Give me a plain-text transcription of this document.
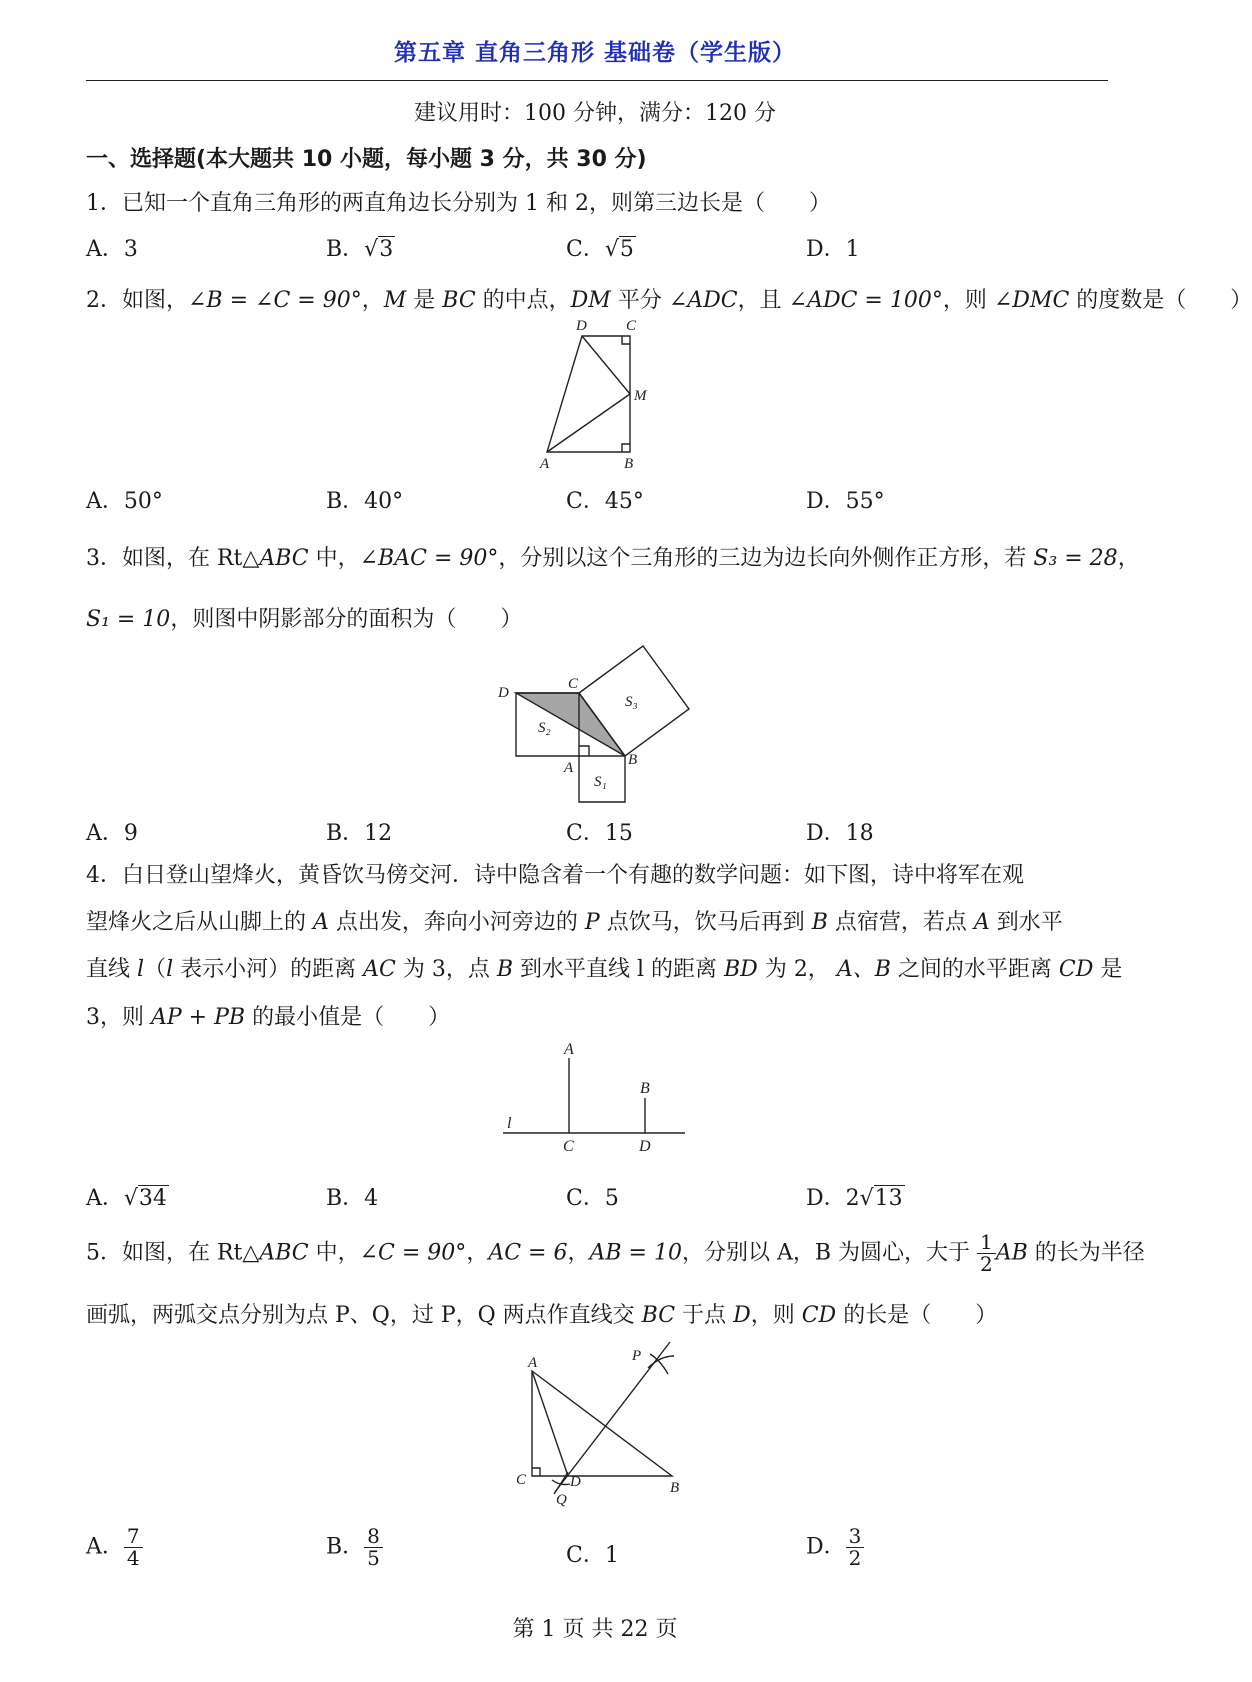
第五章 直角三角形 基础卷（学生版）
建议用时：100 分钟，满分：120 分
一、选择题(本大题共 10 小题，每小题 3 分，共 30 分)
1．已知一个直角三角形的两直角边长分别为 1 和 2，则第三边长是（　　）
A．3	B．√3	C．√5	D．1
2．如图，∠B = ∠C = 90°，M 是 BC 的中点，DM 平分 ∠ADC，且 ∠ADC = 100°，则 ∠DMC 的度数是（　　）
D	C
M
A	B
A．50°	B．40°	C．45°	D．55°
3．如图，在 Rt△ABC 中，∠BAC = 90°，分别以这个三角形的三边为边长向外侧作正方形，若 S₃ = 28，
S₁ = 10，则图中阴影部分的面积为（　　）
D
C
A	B
S₂
S₁
S₃
A．9	B．12	C．15	D．18
4．白日登山望烽火，黄昏饮马傍交河．诗中隐含着一个有趣的数学问题：如下图，诗中将军在观
望烽火之后从山脚上的 A 点出发，奔向小河旁边的 P 点饮马，饮马后再到 B 点宿营，若点 A 到水平
直线 l（l 表示小河）的距离 AC 为 3，点 B 到水平直线 l 的距离 BD 为 2， A、B 之间的水平距离 CD 是
3，则 AP + PB 的最小值是（　　）
A
B
C	D
l
A．√34	B．4	C．5	D．2√13
5．如图，在 Rt△ABC 中，∠C = 90°，AC = 6，AB = 10，分别以 A，B 为圆心，大于 $\frac{1}{2}$ AB 的长为半径
画弧，两弧交点分别为点 P、Q，过 P，Q 两点作直线交 BC 于点 D，则 CD 的长是（　　）
A	P
C	D
Q
B
A． $\frac{7}{4}$	B． $\frac{8}{5}$	C．1	D． $\frac{3}{2}$
第 1 页 共 22 页
